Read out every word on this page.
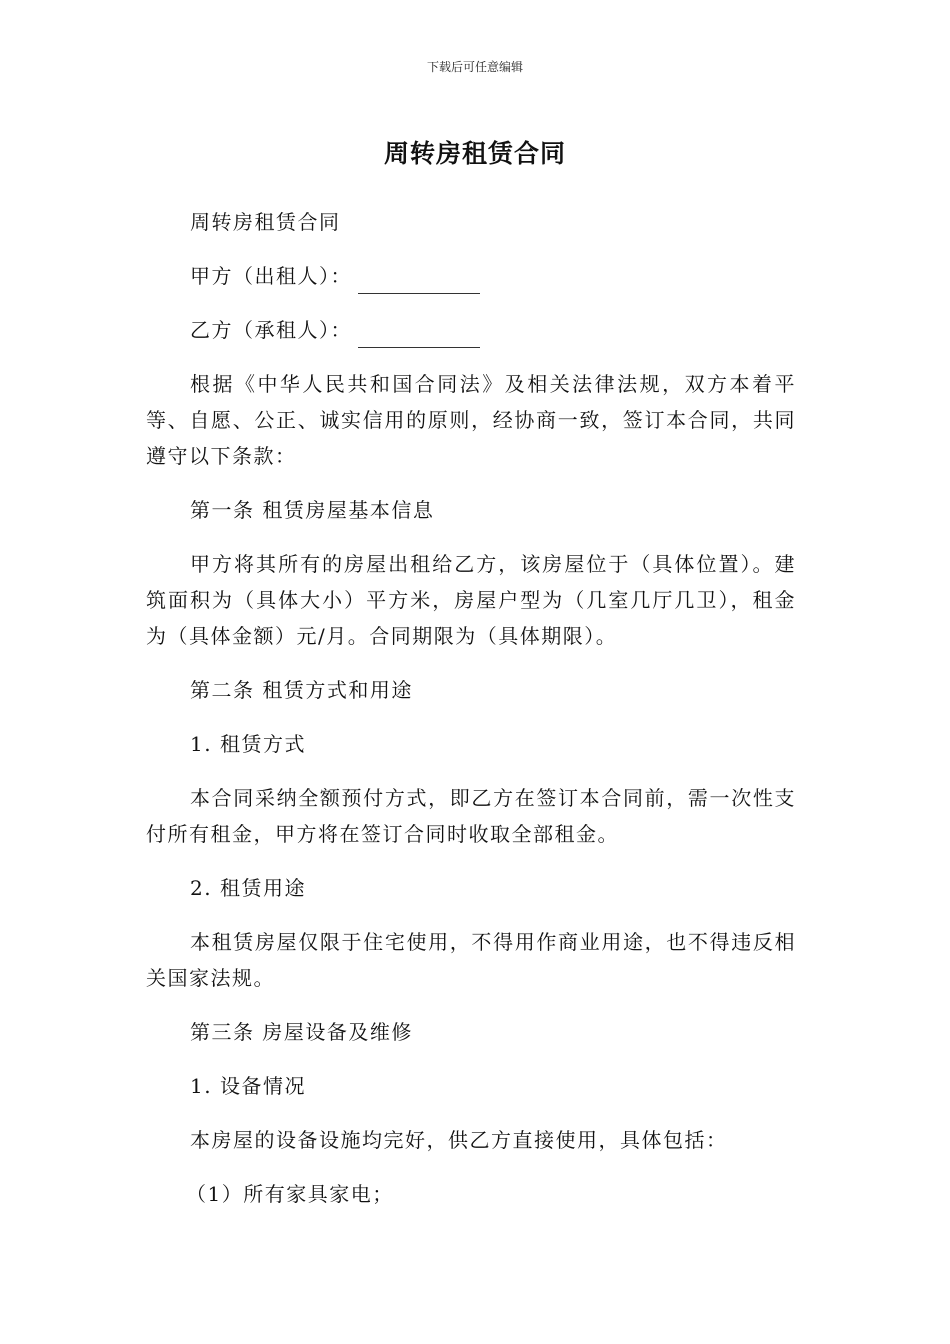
下载后可任意编辑
周转房租赁合同

周转房租赁合同

甲方（出租人）：

乙方（承租人）：

根据《中华人民共和国合同法》及相关法律法规，双方本着平等、自愿、公正、诚实信用的原则，经协商一致，签订本合同，共同遵守以下条款：

第一条 租赁房屋基本信息

甲方将其所有的房屋出租给乙方，该房屋位于（具体位置）。建筑面积为（具体大小）平方米，房屋户型为（几室几厅几卫），租金为（具体金额）元/月。合同期限为（具体期限）。

第二条 租赁方式和用途

1. 租赁方式

本合同采纳全额预付方式，即乙方在签订本合同前，需一次性支付所有租金，甲方将在签订合同时收取全部租金。

2. 租赁用途

本租赁房屋仅限于住宅使用，不得用作商业用途，也不得违反相关国家法规。

第三条 房屋设备及维修

1. 设备情况

本房屋的设备设施均完好，供乙方直接使用，具体包括：

（1）所有家具家电；
